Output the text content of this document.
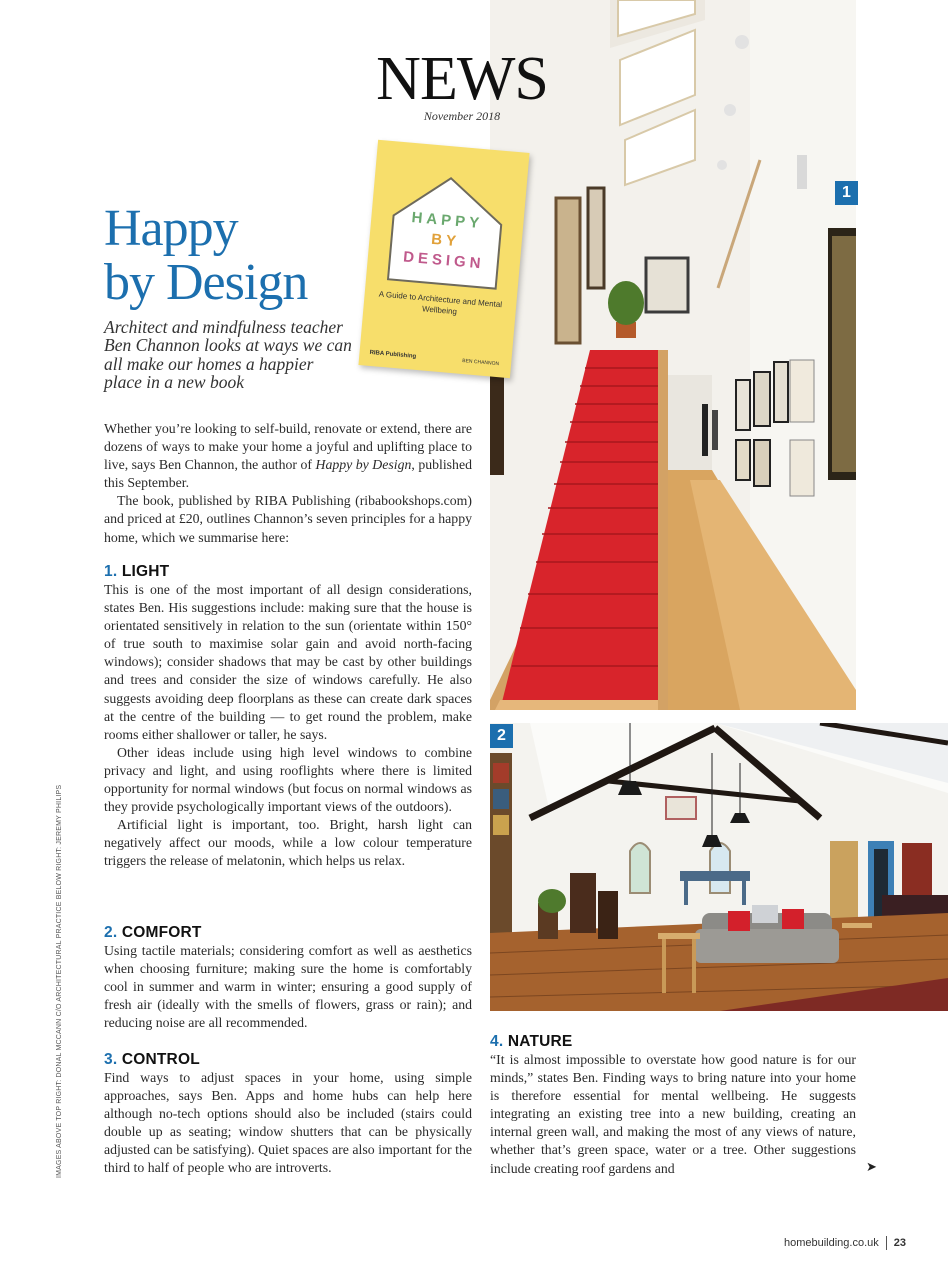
1
2
NEWS
November 2018
HAPPY
BY
DESIGN
A Guide to Architecture and Mental Wellbeing
RIBA Publishing
BEN CHANNON
Happy
by Design
Architect and mindfulness teacher Ben Channon looks at ways we can all make our homes a happier place in a new book

Whether you’re looking to self-build, renovate or extend, there are dozens of ways to make your home a joyful and uplifting place to live, says Ben Channon, the author of Happy by Design, published this September.

The book, published by RIBA Publishing (ribabookshops.com) and priced at £20, outlines Channon’s seven principles for a happy home, which we summarise here:

1. LIGHT

This is one of the most important of all design considerations, states Ben. His suggestions include: making sure that the house is orientated sensitively in relation to the sun (orientate within 150° of true south to maximise solar gain and avoid north-facing windows); consider shadows that may be cast by other buildings and trees and consider the size of windows carefully. He also suggests avoiding deep floorplans as these can create dark spaces at the centre of the building — to get round the problem, make rooms either shallower or taller, he says.

Other ideas include using high level windows to combine privacy and light, and using rooflights where there is limited opportunity for normal windows (but focus on normal windows as they provide psychologically important views of the outdoors).

Artificial light is important, too. Bright, harsh light can negatively affect our moods, while a low colour temperature triggers the release of melatonin, which helps us relax.

2. COMFORT

Using tactile materials; considering comfort as well as aesthetics when choosing furniture; making sure the home is comfortably cool in summer and warm in winter; ensuring a good supply of fresh air (ideally with the smells of flowers, grass or rain); and reducing noise are all recommended.

3. CONTROL

Find ways to adjust spaces in your home, using simple approaches, says Ben. Apps and home hubs can help here although no-tech options should also be included (stairs could double up as seating; window shutters that can be physically adjusted can be satisfying). Quiet spaces are also important for the third to half of people who are introverts.

4. NATURE

“It is almost impossible to overstate how good nature is for our minds,” states Ben. Finding ways to bring nature into your home is therefore essential for mental wellbeing. He suggests integrating an existing tree into a new building, creating an internal green wall, and making the most of any views of nature, whether that’s green space, water or a tree. Other suggestions include creating roof gardens and	➤
IMAGES ABOVE TOP RIGHT: DONAL MCCANN C/O ARCHITECTURAL PRACTICE BELOW RIGHT: JEREMY PHILIPS
homebuilding.co.uk 23
